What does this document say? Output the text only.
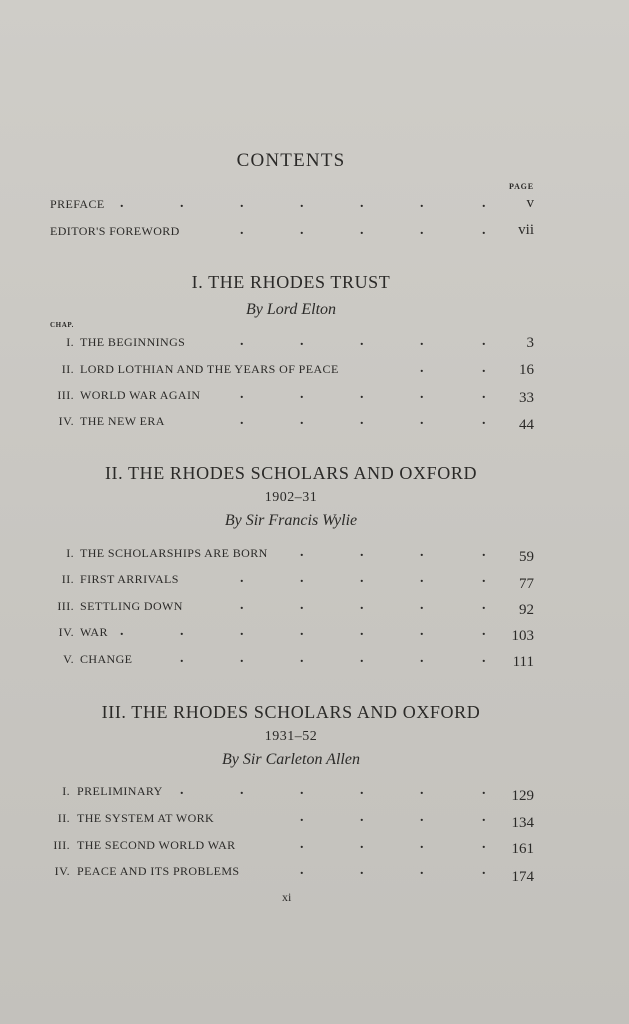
CONTENTS
PAGE
PREFACE .	.	.	.	.	.	.	v
EDITOR'S FOREWORD	.	.	.	.	.	vii
I. THE RHODES TRUST
By Lord Elton
CHAP.
I. THE BEGINNINGS	.	.	.	.	.	3
II. LORD LOTHIAN AND THE YEARS OF PEACE	.	.	16
III. WORLD WAR AGAIN	.	.	.	.	.	33
IV. THE NEW ERA	.	.	.	.	.	44
II. THE RHODES SCHOLARS AND OXFORD
1902–31
By Sir Francis Wylie
I. THE SCHOLARSHIPS ARE BORN .	.	.	.	59
II. FIRST ARRIVALS	.	.	.	.	.	77
III. SETTLING DOWN	.	.	.	.	.	92
IV. WAR .	.	.	.	.	.	.	103
V. CHANGE	.	.	.	.	.	.	111
III. THE RHODES SCHOLARS AND OXFORD
1931–52
By Sir Carleton Allen
I. PRELIMINARY .	.	.	.	.	.	129
II. THE SYSTEM AT WORK	.	.	.	.	134
III. THE SECOND WORLD WAR	.	.	.	.	161
IV. PEACE AND ITS PROBLEMS	.	.	.	.	174
xi
